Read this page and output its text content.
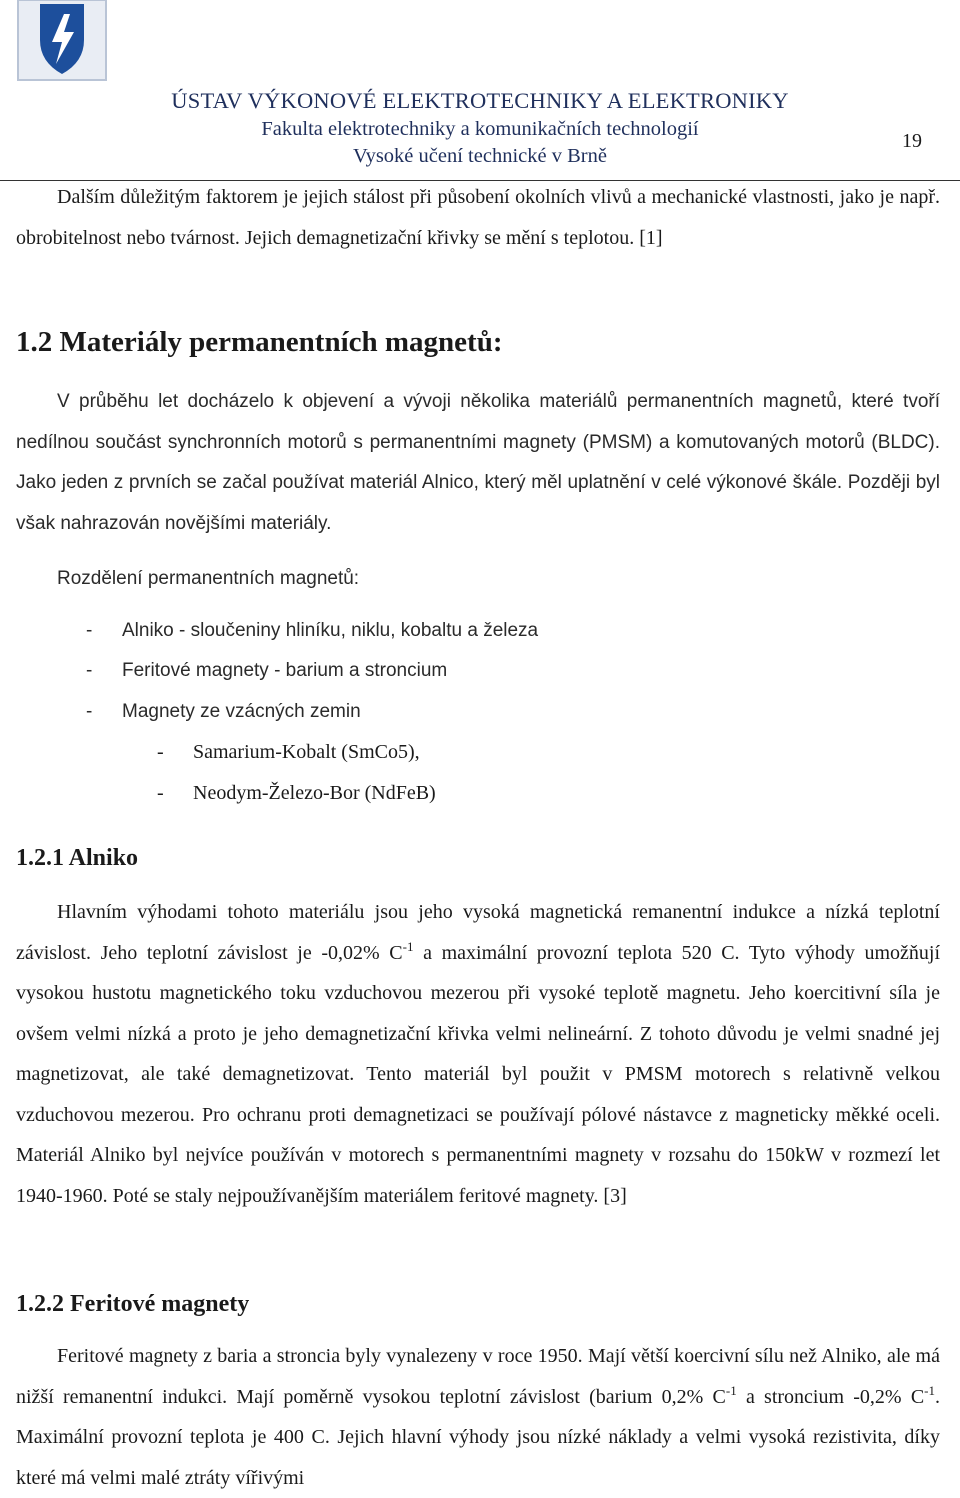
ÚSTAV VÝKONOVÉ ELEKTROTECHNIKY A ELEKTRONIKY
Fakulta elektrotechniky a komunikačních technologií
Vysoké učení technické v Brně
19

Dalším důležitým faktorem je jejich stálost při působení okolních vlivů a mechanické vlastnosti, jako je např. obrobitelnost nebo tvárnost. Jejich demagnetizační křivky se mění s teplotou. [1]

1.2 Materiály permanentních magnetů:

V průběhu let docházelo k objevení a vývoji několika materiálů permanentních magnetů, které tvoří nedílnou součást synchronních motorů s permanentními magnety (PMSM) a komutovaných motorů (BLDC). Jako jeden z prvních se začal používat materiál Alnico, který měl uplatnění v celé výkonové škále. Později byl však nahrazován novějšími materiály.

Rozdělení permanentních magnetů:
- Alniko - sloučeniny hliníku, niklu, kobaltu a železa
- Feritové magnety - barium a stroncium
- Magnety ze vzácných zemin
- Samarium-Kobalt (SmCo5),
- Neodym-Železo-Bor (NdFeB)
1.2.1 Alniko

Hlavním výhodami tohoto materiálu jsou jeho vysoká magnetická remanentní indukce a nízká teplotní závislost. Jeho teplotní závislost je -0,02% $C^{-1}$ a maximální provozní teplota 520 C. Tyto výhody umožňují vysokou hustotu magnetického toku vzduchovou mezerou při vysoké teplotě magnetu. Jeho koercitivní síla je ovšem velmi nízká a proto je jeho demagnetizační křivka velmi nelineární. Z tohoto důvodu je velmi snadné jej magnetizovat, ale také demagnetizovat. Tento materiál byl použit v PMSM motorech s relativně velkou vzduchovou mezerou. Pro ochranu proti demagnetizaci se používají pólové nástavce z magneticky měkké oceli. Materiál Alniko byl nejvíce používán v motorech s permanentními magnety v rozsahu do 150kW v rozmezí let 1940-1960. Poté se staly nejpoužívanějším materiálem feritové magnety. [3]

1.2.2 Feritové magnety

Feritové magnety z baria a stroncia byly vynalezeny v roce 1950. Mají větší koercivní sílu než Alniko, ale má nižší remanentní indukci. Mají poměrně vysokou teplotní závislost (barium 0,2% $C^{-1}$ a stroncium -0,2% $C^{-1}$. Maximální provozní teplota je 400 C. Jejich hlavní výhody jsou nízké náklady a velmi vysoká rezistivita, díky které má velmi malé ztráty vířivými
